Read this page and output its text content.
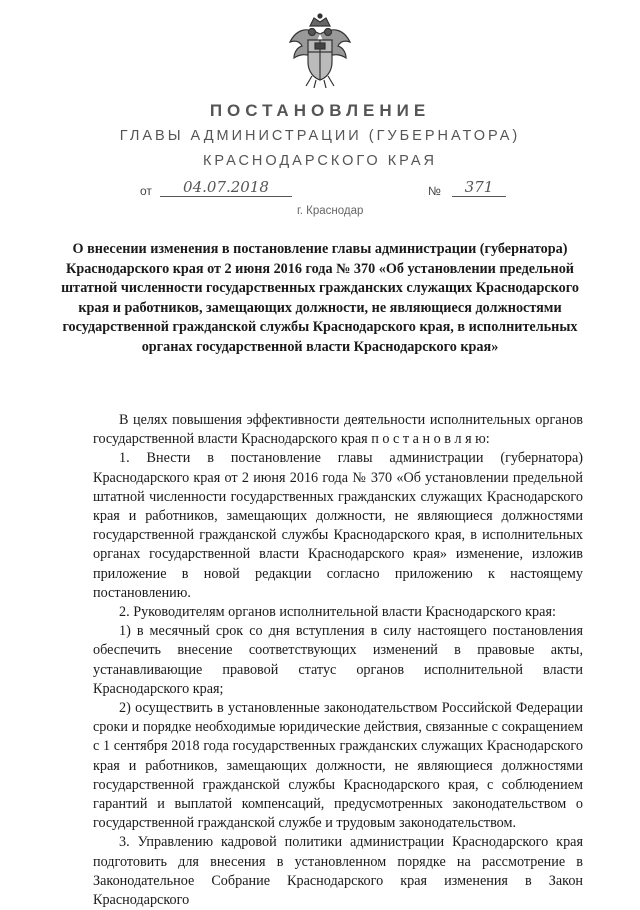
ПОСТАНОВЛЕНИЕ
ГЛАВЫ АДМИНИСТРАЦИИ (ГУБЕРНАТОРА)
КРАСНОДАРСКОГО КРАЯ
от	04.07.2018	№	371
г. Краснодар
О внесении изменения в постановление главы администрации (губернатора) Краснодарского края от 2 июня 2016 года № 370 «Об установлении предельной штатной численности государственных гражданских служащих Краснодарского края и работников, замещающих должности, не являющиеся должностями государственной гражданской службы Краснодарского края, в исполнительных органах государственной власти Краснодарского края»

В целях повышения эффективности деятельности исполнительных органов государственной власти Краснодарского края п о с т а н о в л я ю:

1. Внести в постановление главы администрации (губернатора) Краснодарского края от 2 июня 2016 года № 370 «Об установлении предельной штатной численности государственных гражданских служащих Краснодарского края и работников, замещающих должности, не являющиеся должностями государственной гражданской службы Краснодарского края, в исполнительных органах государственной власти Краснодарского края» изменение, изложив приложение в новой редакции согласно приложению к настоящему постановлению.

2. Руководителям органов исполнительной власти Краснодарского края:

1) в месячный срок со дня вступления в силу настоящего постановления обеспечить внесение соответствующих изменений в правовые акты, устанавливающие правовой статус органов исполнительной власти Краснодарского края;

2) осуществить в установленные законодательством Российской Федерации сроки и порядке необходимые юридические действия, связанные с сокращением с 1 сентября 2018 года государственных гражданских служащих Краснодарского края и работников, замещающих должности, не являющиеся должностями государственной гражданской службы Краснодарского края, с соблюдением гарантий и выплатой компенсаций, предусмотренных законодательством о государственной гражданской службе и трудовым законодательством.

3. Управлению кадровой политики администрации Краснодарского края подготовить для внесения в установленном порядке на рассмотрение в Законодательное Собрание Краснодарского края изменения в Закон Краснодарского
